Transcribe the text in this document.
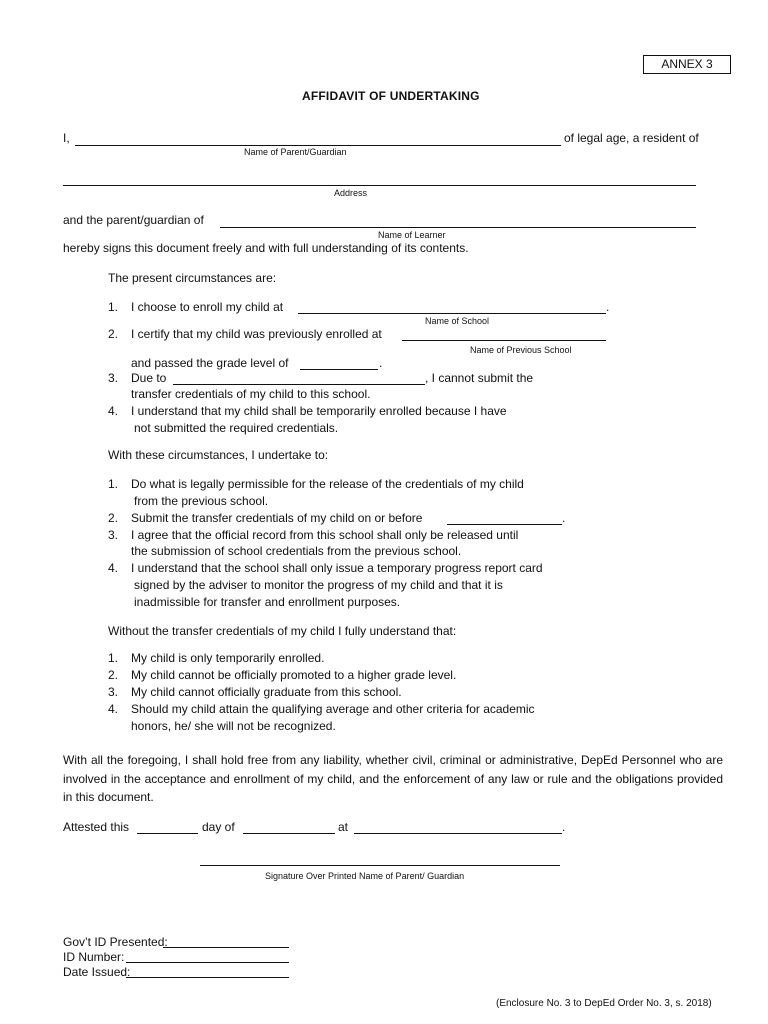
ANNEX 3
AFFIDAVIT OF UNDERTAKING
I,	of legal age, a resident of
Name of Parent/Guardian
Address
and the parent/guardian of
Name of Learner
hereby signs this document freely and with full understanding of its contents.
The present circumstances are:
1. I choose to enroll my child at	.
Name of School
2. I certify that my child was previously enrolled at
Name of Previous School
and passed the grade level of	.
3. Due to	, I cannot submit the
transfer credentials of my child to this school.
4. I understand that my child shall be temporarily enrolled because I have
not submitted the required credentials.
With these circumstances, I undertake to:
1. Do what is legally permissible for the release of the credentials of my child
from the previous school.
2. Submit the transfer credentials of my child on or before	.
3. I agree that the official record from this school shall only be released until
the submission of school credentials from the previous school.
4. I understand that the school shall only issue a temporary progress report card
signed by the adviser to monitor the progress of my child and that it is
inadmissible for transfer and enrollment purposes.
Without the transfer credentials of my child I fully understand that:
1. My child is only temporarily enrolled.
2. My child cannot be officially promoted to a higher grade level.
3. My child cannot officially graduate from this school.
4. Should my child attain the qualifying average and other criteria for academic
honors, he/ she will not be recognized.
With all the foregoing, I shall hold free from any liability, whether civil, criminal or administrative, DepEd Personnel who are involved in the acceptance and enrollment of my child, and the enforcement of any law or rule and the obligations provided in this document.
Attested this	day of	at	.
Signature Over Printed Name of Parent/ Guardian
Gov’t ID Presented:
ID Number:
Date Issued:
(Enclosure No. 3 to DepEd Order No. 3, s. 2018)
